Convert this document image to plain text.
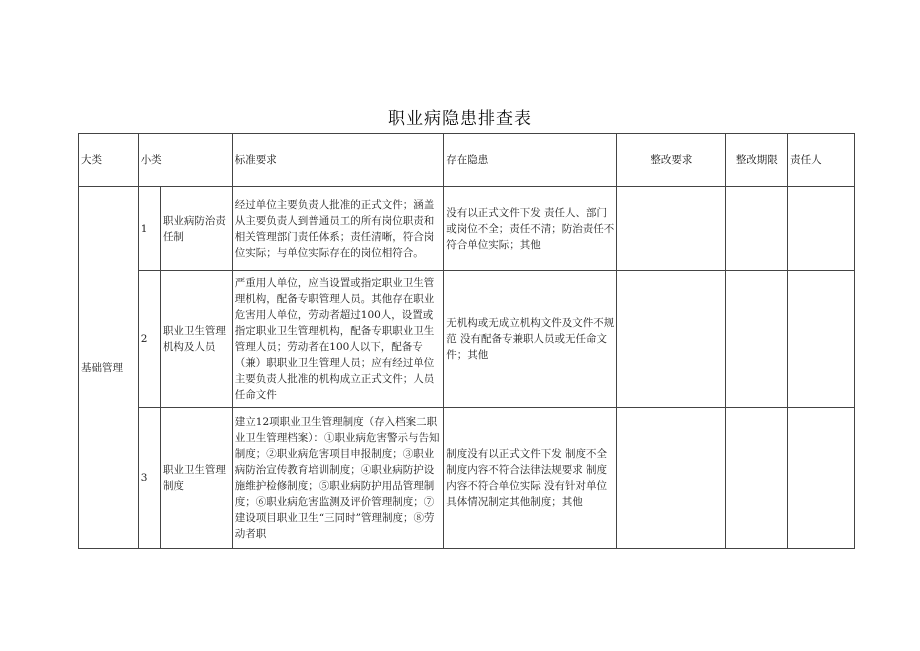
职业病隐患排查表
大类	小类		标准要求	存在隐患	整改要求	整改期限	责任人
基础管理	1	职业病防治责任制	经过单位主要负责人批准的正式文件；涵盖从主要负责人到普通员工的所有岗位职责和相关管理部门责任体系；责任清晰，符合岗位实际；与单位实际存在的岗位相符合。	没有以正式文件下发 责任人、部门或岗位不全；责任不清；防治责任不符合单位实际；其他			
	2	职业卫生管理机构及人员	严重用人单位，应当设置或指定职业卫生管理机构，配备专职管理人员。其他存在职业危害用人单位，劳动者超过100人，设置或指定职业卫生管理机构，配备专职职业卫生管理人员；劳动者在100人以下，配备专（兼）职职业卫生管理人员；应有经过单位主要负责人批准的机构成立正式文件；人员任命文件	无机构或无成立机构文件及文件不规范 没有配备专兼职人员或无任命文件；其他			
	3	职业卫生管理制度	建立12项职业卫生管理制度（存入档案二职业卫生管理档案）：①职业病危害警示与告知制度；②职业病危害项目申报制度；③职业病防治宣传教育培训制度；④职业病防护设施维护检修制度；⑤职业病防护用品管理制度；⑥职业病危害监测及评价管理制度；⑦建设项目职业卫生“三同时”管理制度；⑧劳动者职	制度没有以正式文件下发 制度不全制度内容不符合法律法规要求 制度内容不符合单位实际 没有针对单位具体情况制定其他制度；其他			
